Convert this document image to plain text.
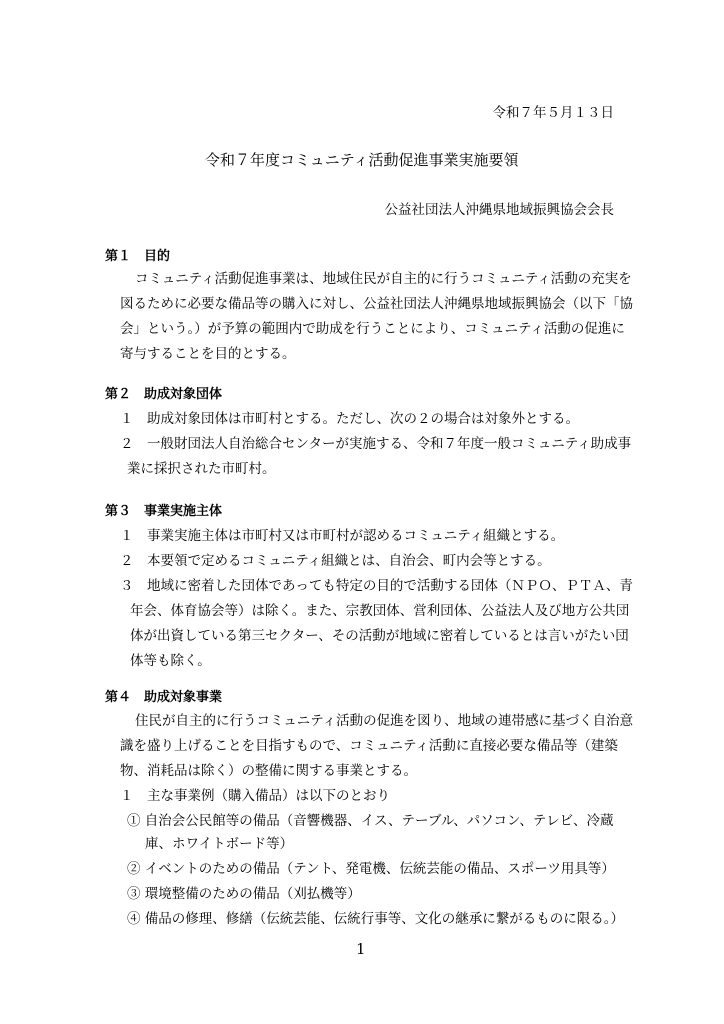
令和７年５月１３日
令和７年度コミュニティ活動促進事業実施要領
公益社団法人沖縄県地域振興協会会長
第１　目的
コミュニティ活動促進事業は、地域住民が自主的に行うコミュニティ活動の充実を
図るために必要な備品等の購入に対し、公益社団法人沖縄県地域振興協会（以下「協
会」という。）が予算の範囲内で助成を行うことにより、コミュニティ活動の促進に
寄与することを目的とする。
第２　助成対象団体
１　助成対象団体は市町村とする。ただし、次の２の場合は対象外とする。
２　一般財団法人自治総合センターが実施する、令和７年度一般コミュニティ助成事
業に採択された市町村。
第３　事業実施主体
１　事業実施主体は市町村又は市町村が認めるコミュニティ組織とする。
２　本要領で定めるコミュニティ組織とは、自治会、町内会等とする。
３　地域に密着した団体であっても特定の目的で活動する団体（ＮＰＯ、ＰＴＡ、青
年会、体育協会等）は除く。また、宗教団体、営利団体、公益法人及び地方公共団
体が出資している第三セクター、その活動が地域に密着しているとは言いがたい団
体等も除く。
第４　助成対象事業
住民が自主的に行うコミュニティ活動の促進を図り、地域の連帯感に基づく自治意
識を盛り上げることを目指すもので、コミュニティ活動に直接必要な備品等（建築
物、消耗品は除く）の整備に関する事業とする。
１　主な事業例（購入備品）は以下のとおり
① 自治会公民館等の備品（音響機器、イス、テーブル、パソコン、テレビ、冷蔵
庫、ホワイトボード等）
② イベントのための備品（テント、発電機、伝統芸能の備品、スポーツ用具等）
③ 環境整備のための備品（刈払機等）
④ 備品の修理、修繕（伝統芸能、伝統行事等、文化の継承に繋がるものに限る。）
1
